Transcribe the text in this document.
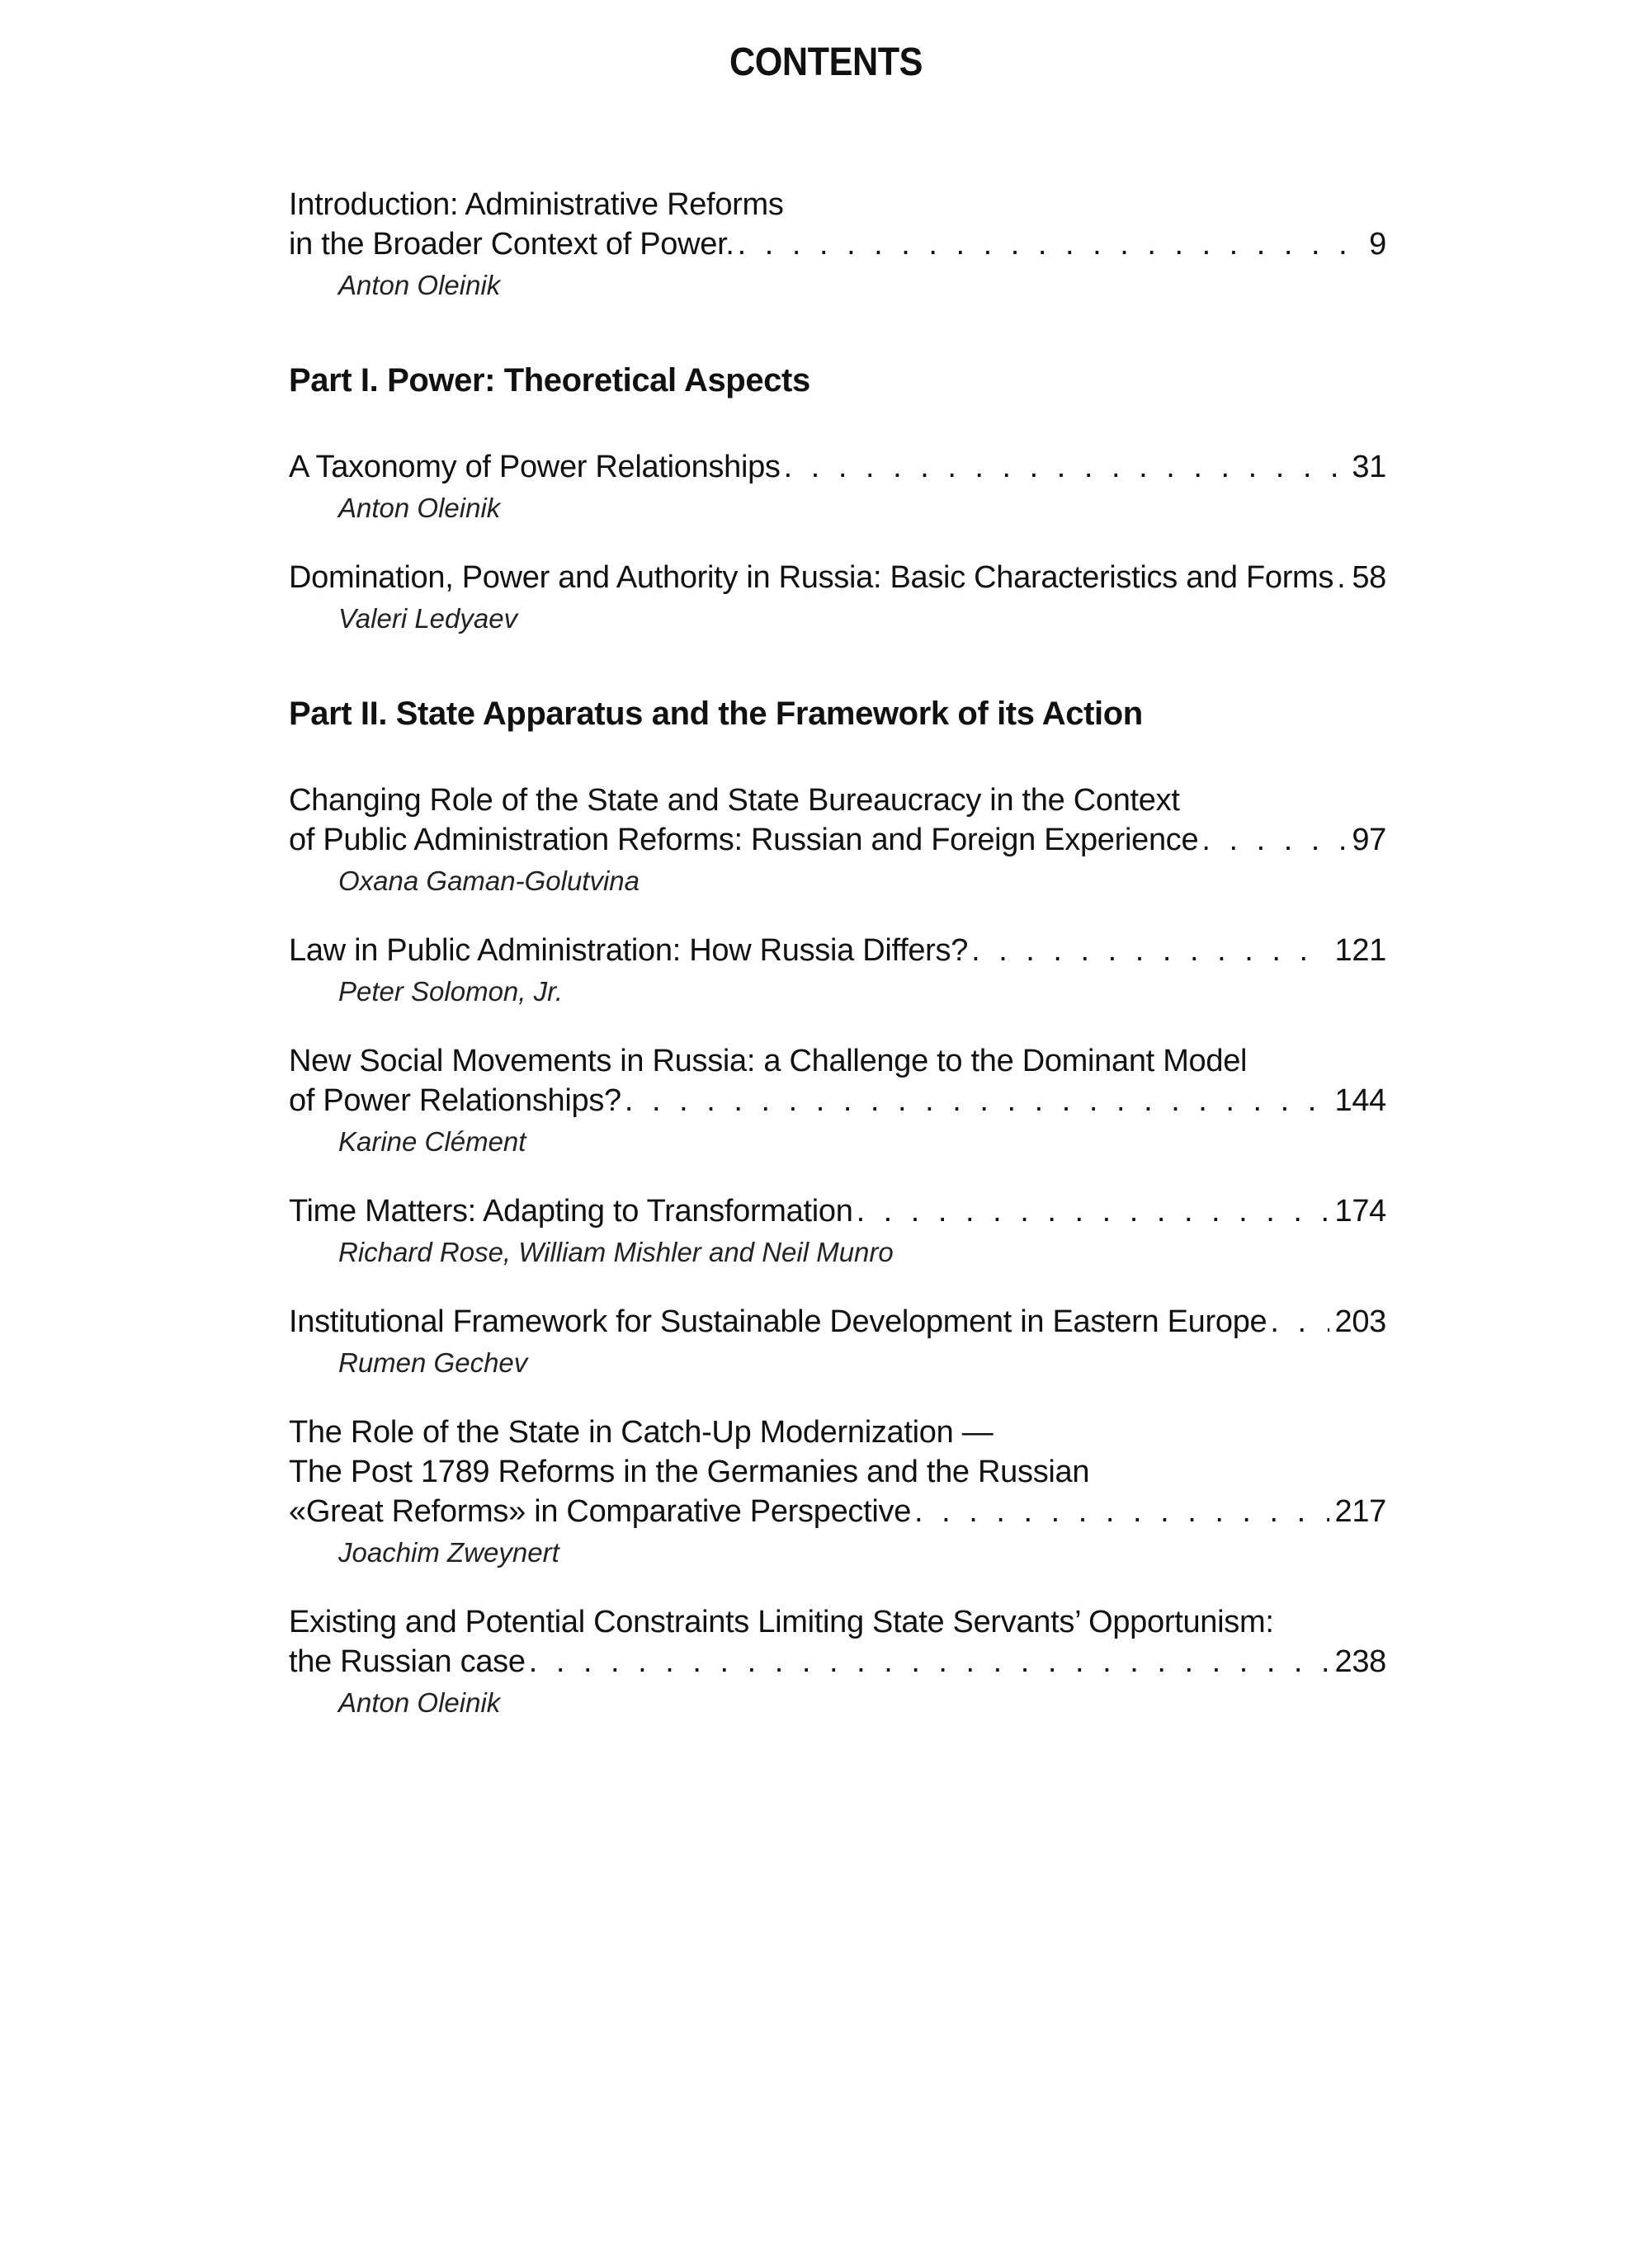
CONTENTS
Introduction: Administrative Reforms
in the Broader Context of Power. . . .	9
Anton Oleinik
Part I. Power: Theoretical Aspects
A Taxonomy of Power Relationships . . .	31
Anton Oleinik
Domination, Power and Authority in Russia: Basic Characteristics and Forms . . . 58
Valeri Ledyaev
Part II. State Apparatus and the Framework of its Action
Changing Role of the State and State Bureaucracy in the Context
of Public Administration Reforms: Russian and Foreign Experience . . .	97
Oxana Gaman-Golutvina
Law in Public Administration: How Russia Differs? . . .	121
Peter Solomon, Jr.
New Social Movements in Russia: a Challenge to the Dominant Model
of Power Relationships? . . .	144
Karine Clément
Time Matters: Adapting to Transformation . . .	174
Richard Rose, William Mishler and Neil Munro
Institutional Framework for Sustainable Development in Eastern Europe . . . 203
Rumen Gechev
The Role of the State in Catch-Up Modernization —
The Post 1789 Reforms in the Germanies and the Russian
«Great Reforms» in Comparative Perspective . . .	217
Joachim Zweynert
Existing and Potential Constraints Limiting State Servants’ Opportunism:
the Russian case . . .	238
Anton Oleinik
